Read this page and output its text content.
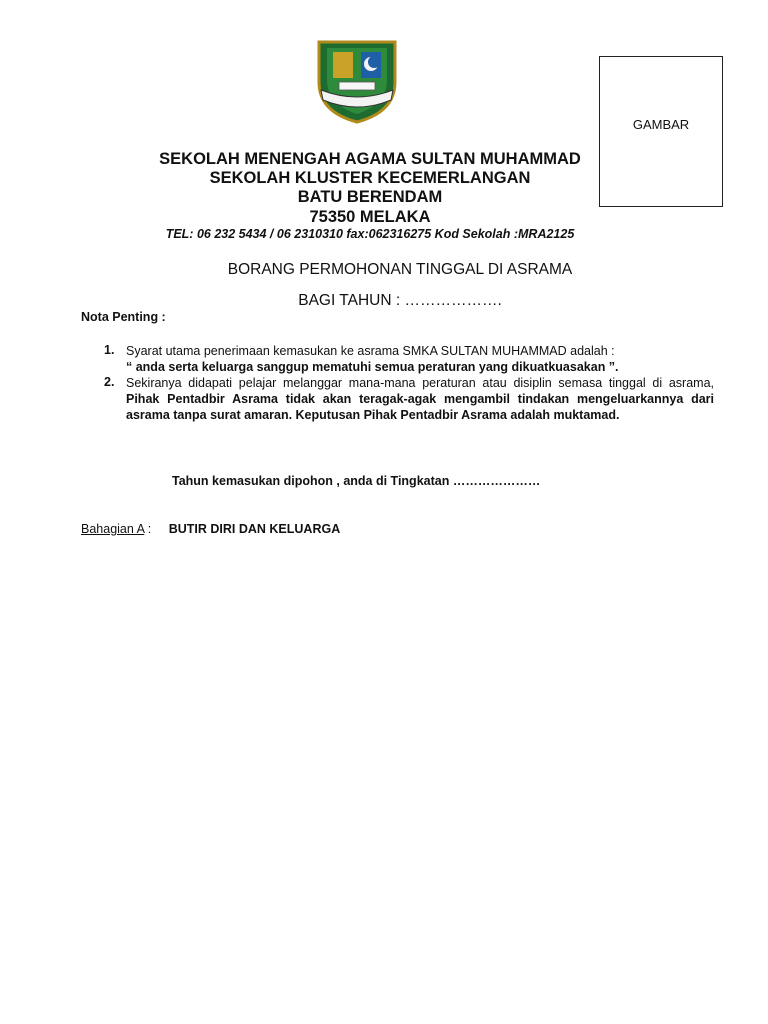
GAMBAR
SEKOLAH MENENGAH AGAMA SULTAN MUHAMMAD
SEKOLAH KLUSTER KECEMERLANGAN
BATU BERENDAM
75350 MELAKA
TEL: 06 232 5434 / 06 2310310 fax:062316275 Kod Sekolah :MRA2125
BORANG PERMOHONAN TINGGAL DI ASRAMA
BAGI TAHUN : ……………….
Nota Penting :
1. Syarat utama penerimaan kemasukan ke asrama SMKA SULTAN MUHAMMAD adalah :
“ anda serta keluarga sanggup mematuhi semua peraturan yang dikuatkuasakan ”.
2. Sekiranya didapati pelajar melanggar mana-mana peraturan atau disiplin semasa tinggal di asrama, Pihak Pentadbir Asrama tidak akan teragak-agak mengambil tindakan mengeluarkannya dari asrama tanpa surat amaran. Keputusan Pihak Pentadbir Asrama adalah muktamad.
Tahun kemasukan dipohon , anda di Tingkatan …………………
Bahagian A : BUTIR DIRI DAN KELUARGA
